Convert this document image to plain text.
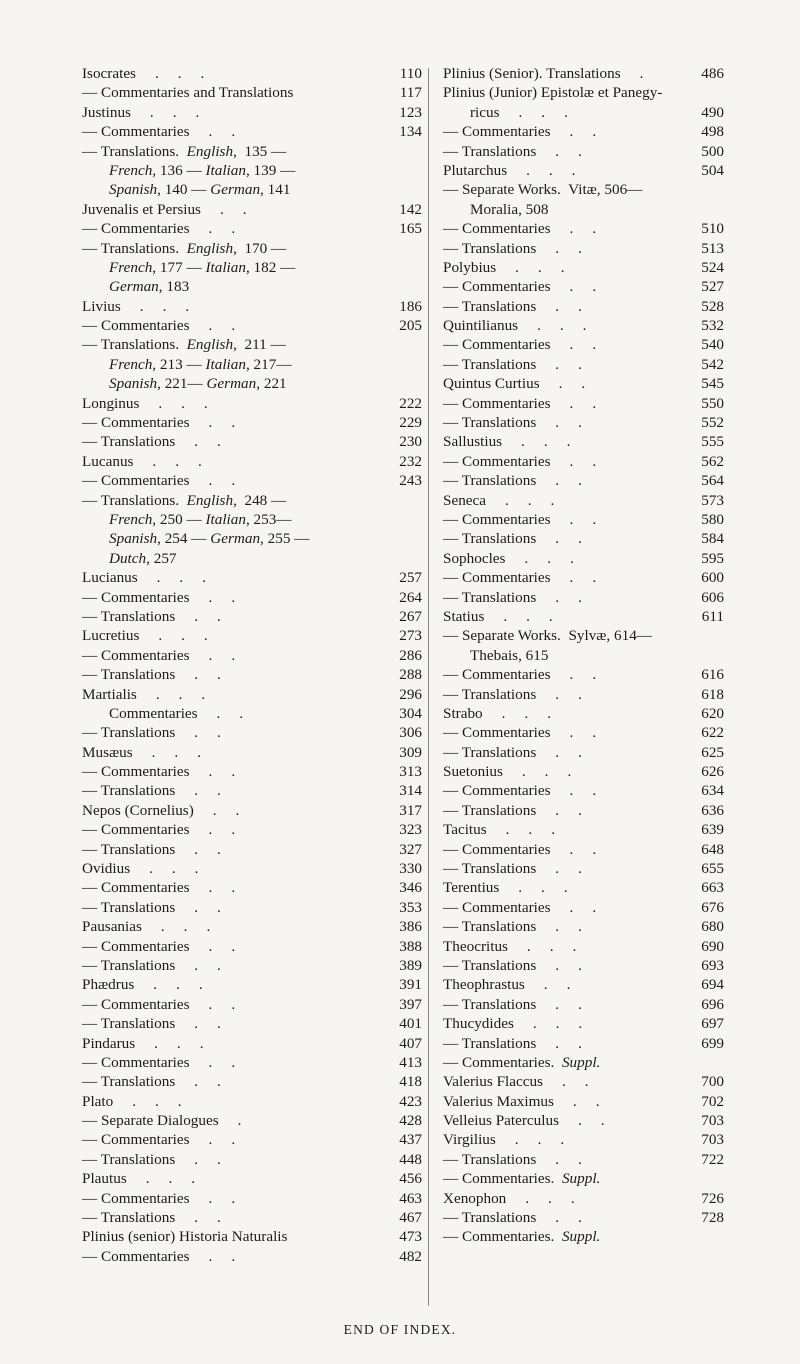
Isocrates     .     .     .	110
— Commentaries and Translations	117
Justinus     .     .     .	123
— Commentaries     .     .	134
— Translations.  English,  135 —
French, 136 — Italian, 139 —
Spanish, 140 — German, 141
Juvenalis et Persius     .     .	142
— Commentaries     .     .	165
— Translations.  English,  170 —
French, 177 — Italian, 182 —
German, 183
Livius     .     .     .	186
— Commentaries     .     .	205
— Translations.  English,  211 —
French, 213 — Italian, 217—
Spanish, 221— German, 221
Longinus     .     .     .	222
— Commentaries     .     .	229
— Translations     .     .	230
Lucanus     .     .     .	232
— Commentaries     .     .	243
— Translations.  English,  248 —
French, 250 — Italian, 253—
Spanish, 254 — German, 255 —
Dutch, 257
Lucianus     .     .     .	257
— Commentaries     .     .	264
— Translations     .     .	267
Lucretius     .     .     .	273
— Commentaries     .     .	286
— Translations     .     .	288
Martialis     .     .     .	296
Commentaries     .     .	304
— Translations     .     .	306
Musæus     .     .     .	309
— Commentaries     .     .	313
— Translations     .     .	314
Nepos (Cornelius)     .     .	317
— Commentaries     .     .	323
— Translations     .     .	327
Ovidius     .     .     .	330
— Commentaries     .     .	346
— Translations     .     .	353
Pausanias     .     .     .	386
— Commentaries     .     .	388
— Translations     .     .	389
Phædrus     .     .     .	391
— Commentaries     .     .	397
— Translations     .     .	401
Pindarus     .     .     .	407
— Commentaries     .     .	413
— Translations     .     .	418
Plato     .     .     .	423
— Separate Dialogues     .	428
— Commentaries     .     .	437
— Translations     .     .	448
Plautus     .     .     .	456
— Commentaries     .     .	463
— Translations     .     .	467
Plinius (senior) Historia Naturalis	473
— Commentaries     .     .	482
Plinius (Senior). Translations     .	486
Plinius (Junior) Epistolæ et Panegy-
ricus     .     .     .	490
— Commentaries     .     .	498
— Translations     .     .	500
Plutarchus     .     .     .	504
— Separate Works.  Vitæ, 506—
Moralia, 508
— Commentaries     .     .	510
— Translations     .     .	513
Polybius     .     .     .	524
— Commentaries     .     .	527
— Translations     .     .	528
Quintilianus     .     .     .	532
— Commentaries     .     .	540
— Translations     .     .	542
Quintus Curtius     .     .	545
— Commentaries     .     .	550
— Translations     .     .	552
Sallustius     .     .     .	555
— Commentaries     .     .	562
— Translations     .     .	564
Seneca     .     .     .	573
— Commentaries     .     .	580
— Translations     .     .	584
Sophocles     .     .     .	595
— Commentaries     .     .	600
— Translations     .     .	606
Statius     .     .     .	611
— Separate Works.  Sylvæ, 614—
Thebais, 615
— Commentaries     .     .	616
— Translations     .     .	618
Strabo     .     .     .	620
— Commentaries     .     .	622
— Translations     .     .	625
Suetonius     .     .     .	626
— Commentaries     .     .	634
— Translations     .     .	636
Tacitus     .     .     .	639
— Commentaries     .     .	648
— Translations     .     .	655
Terentius     .     .     .	663
— Commentaries     .     .	676
— Translations     .     .	680
Theocritus     .     .     .	690
— Translations     .     .	693
Theophrastus     .     .	694
— Translations     .     .	696
Thucydides     .     .     .	697
— Translations     .     .	699
— Commentaries.  Suppl.
Valerius Flaccus     .     .	700
Valerius Maximus     .     .	702
Velleius Paterculus     .     .	703
Virgilius     .     .     .	703
— Translations     .     .	722
— Commentaries.  Suppl.
Xenophon     .     .     .	726
— Translations     .     .	728
— Commentaries.  Suppl.
END OF INDEX.
